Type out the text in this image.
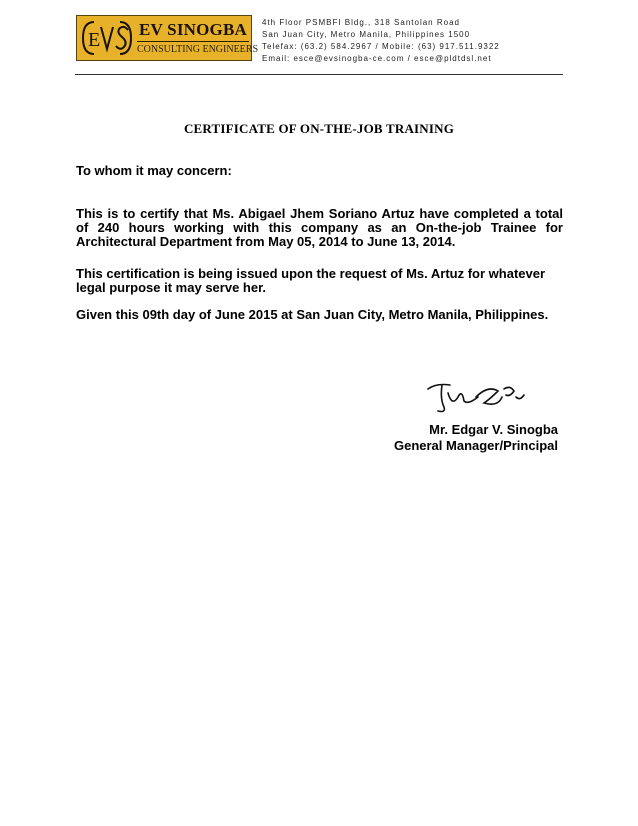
E EV SINOGBA
CONSULTING ENGINEERS
4th Floor PSMBFI Bldg., 318 Santolan Road
San Juan City, Metro Manila, Philippines 1500
Telefax: (63.2) 584.2967 / Mobile: (63) 917.511.9322
Email: esce@evsinogba-ce.com / esce@pldtdsl.net
CERTIFICATE OF ON-THE-JOB TRAINING
To whom it may concern:
This is to certify that Ms. Abigael Jhem Soriano Artuz have completed a total of 240 hours working with this company as an On-the-job Trainee for Architectural Department from May 05, 2014 to June 13, 2014.
This certification is being issued upon the request of Ms. Artuz for whatever legal purpose it may serve her.
Given this 09th day of June 2015 at San Juan City, Metro Manila, Philippines.
Mr. Edgar V. Sinogba
General Manager/Principal
